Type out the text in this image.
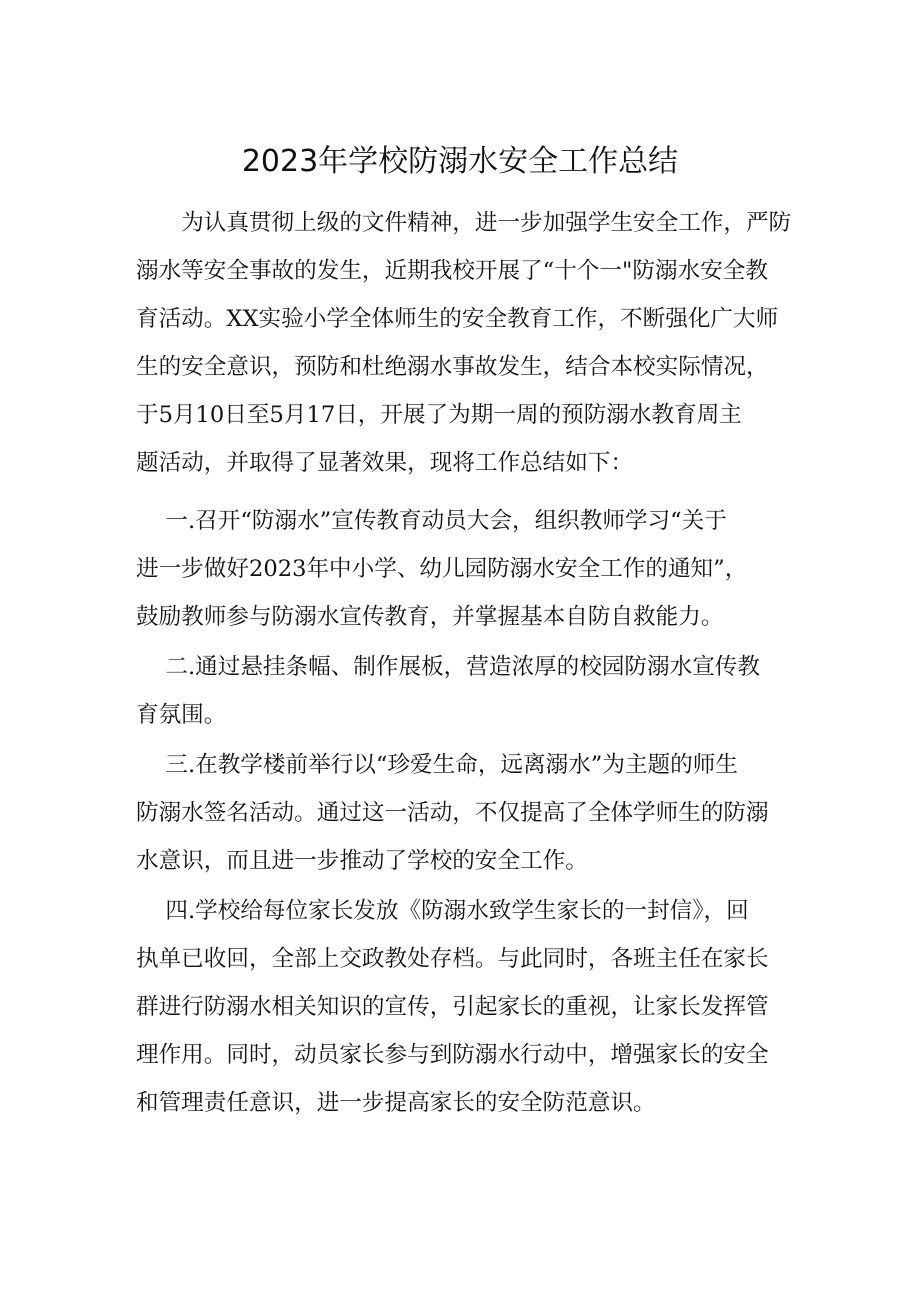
2023年学校防溺水安全工作总结
为认真贯彻上级的文件精神，进一步加强学生安全工作，严防
溺水等安全事故的发生，近期我校开展了“十个一"防溺水安全教
育活动。XX实验小学全体师生的安全教育工作，不断强化广大师
生的安全意识，预防和杜绝溺水事故发生，结合本校实际情况，
于5月10日至5月17日，开展了为期一周的预防溺水教育周主
题活动，并取得了显著效果，现将工作总结如下：
一.召开“防溺水”宣传教育动员大会，组织教师学习“关于
进一步做好2023年中小学、幼儿园防溺水安全工作的通知”，
鼓励教师参与防溺水宣传教育，并掌握基本自防自救能力。
二.通过悬挂条幅、制作展板，营造浓厚的校园防溺水宣传教
育氛围。
三.在教学楼前举行以“珍爱生命，远离溺水”为主题的师生
防溺水签名活动。通过这一活动，不仅提高了全体学师生的防溺
水意识，而且进一步推动了学校的安全工作。
四.学校给每位家长发放《防溺水致学生家长的一封信》，回
执单已收回，全部上交政教处存档。与此同时，各班主任在家长
群进行防溺水相关知识的宣传，引起家长的重视，让家长发挥管
理作用。同时，动员家长参与到防溺水行动中，增强家长的安全
和管理责任意识，进一步提高家长的安全防范意识。
